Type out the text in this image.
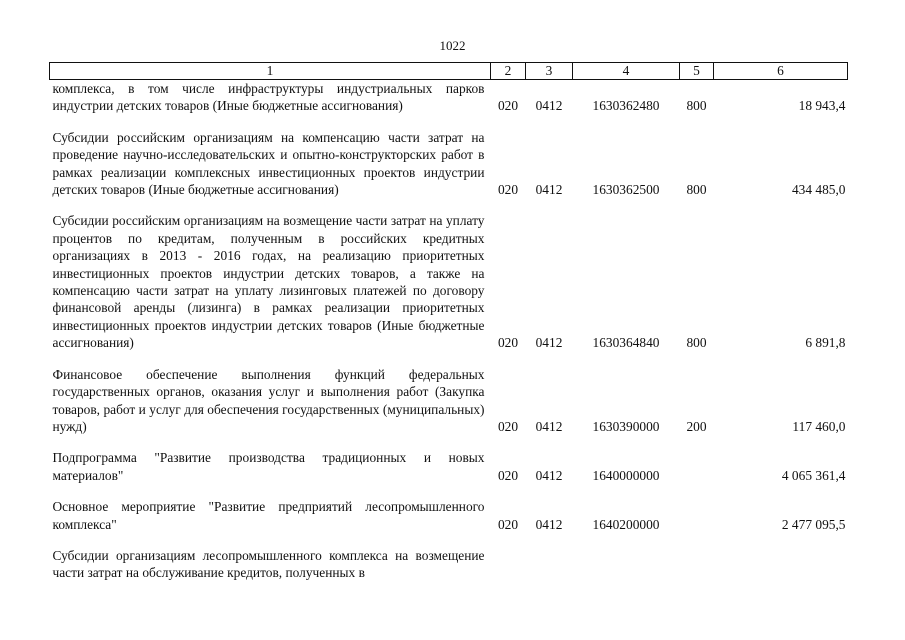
1022
1	2	3	4	5	6
комплекса, в том числе инфраструктуры индустриальных парков индустрии детских товаров (Иные бюджетные ассигнования)	020	0412	1630362480	800	18 943,4

Субсидии российским организациям на компенсацию части затрат на проведение научно-исследовательских и опытно-конструкторских работ в рамках реализации комплексных инвестиционных проектов индустрии детских товаров (Иные бюджетные ассигнования)	020	0412	1630362500	800	434 485,0

Субсидии российским организациям на возмещение части затрат на уплату процентов по кредитам, полученным в российских кредитных организациях в 2013 - 2016 годах, на реализацию приоритетных инвестиционных проектов индустрии детских товаров, а также на компенсацию части затрат на уплату лизинговых платежей по договору финансовой аренды (лизинга) в рамках реализации приоритетных инвестиционных проектов индустрии детских товаров (Иные бюджетные ассигнования)	020	0412	1630364840	800	6 891,8

Финансовое обеспечение выполнения функций федеральных государственных органов, оказания услуг и выполнения работ (Закупка товаров, работ и услуг для обеспечения государственных (муниципальных) нужд)	020	0412	1630390000	200	117 460,0

Подпрограмма "Развитие производства традиционных и новых материалов"	020	0412	1640000000		4 065 361,4

Основное мероприятие "Развитие предприятий лесопромышленного комплекса"	020	0412	1640200000		2 477 095,5

Субсидии организациям лесопромышленного комплекса на возмещение части затрат на обслуживание кредитов, полученных в					
